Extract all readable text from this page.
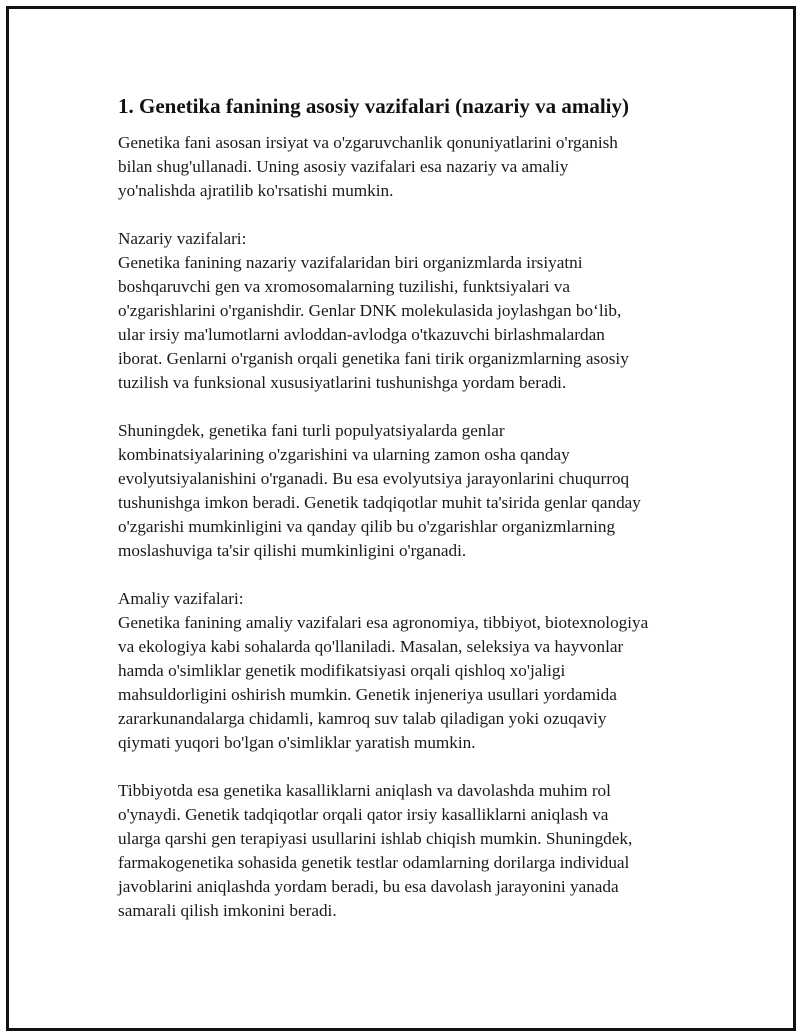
1. Genetika fanining asosiy vazifalari (nazariy va amaliy)
Genetika fani asosan irsiyat va o'zgaruvchanlik qonuniyatlarini o'rganish
bilan shug'ullanadi. Uning asosiy vazifalari esa nazariy va amaliy
yo'nalishda ajratilib ko'rsatishi mumkin.
Nazariy vazifalari:
Genetika fanining nazariy vazifalaridan biri organizmlarda irsiyatni
boshqaruvchi gen va xromosomalarning tuzilishi, funktsiyalari va
o'zgarishlarini o'rganishdir. Genlar DNK molekulasida joylashgan bo‘lib,
ular irsiy ma'lumotlarni avloddan-avlodga o'tkazuvchi birlashmalardan
iborat. Genlarni o'rganish orqali genetika fani tirik organizmlarning asosiy
tuzilish va funksional xususiyatlarini tushunishga yordam beradi.
Shuningdek, genetika fani turli populyatsiyalarda genlar
kombinatsiyalarining o'zgarishini va ularning zamon osha qanday
evolyutsiyalanishini o'rganadi. Bu esa evolyutsiya jarayonlarini chuqurroq
tushunishga imkon beradi. Genetik tadqiqotlar muhit ta'sirida genlar qanday
o'zgarishi mumkinligini va qanday qilib bu o'zgarishlar organizmlarning
moslashuviga ta'sir qilishi mumkinligini o'rganadi.
Amaliy vazifalari:
Genetika fanining amaliy vazifalari esa agronomiya, tibbiyot, biotexnologiya
va ekologiya kabi sohalarda qo'llaniladi. Masalan, seleksiya va hayvonlar
hamda o'simliklar genetik modifikatsiyasi orqali qishloq xo'jaligi
mahsuldorligini oshirish mumkin. Genetik injeneriya usullari yordamida
zararkunandalarga chidamli, kamroq suv talab qiladigan yoki ozuqaviy
qiymati yuqori bo'lgan o'simliklar yaratish mumkin.
Tibbiyotda esa genetika kasalliklarni aniqlash va davolashda muhim rol
o'ynaydi. Genetik tadqiqotlar orqali qator irsiy kasalliklarni aniqlash va
ularga qarshi gen terapiyasi usullarini ishlab chiqish mumkin. Shuningdek,
farmakogenetika sohasida genetik testlar odamlarning dorilarga individual
javoblarini aniqlashda yordam beradi, bu esa davolash jarayonini yanada
samarali qilish imkonini beradi.
